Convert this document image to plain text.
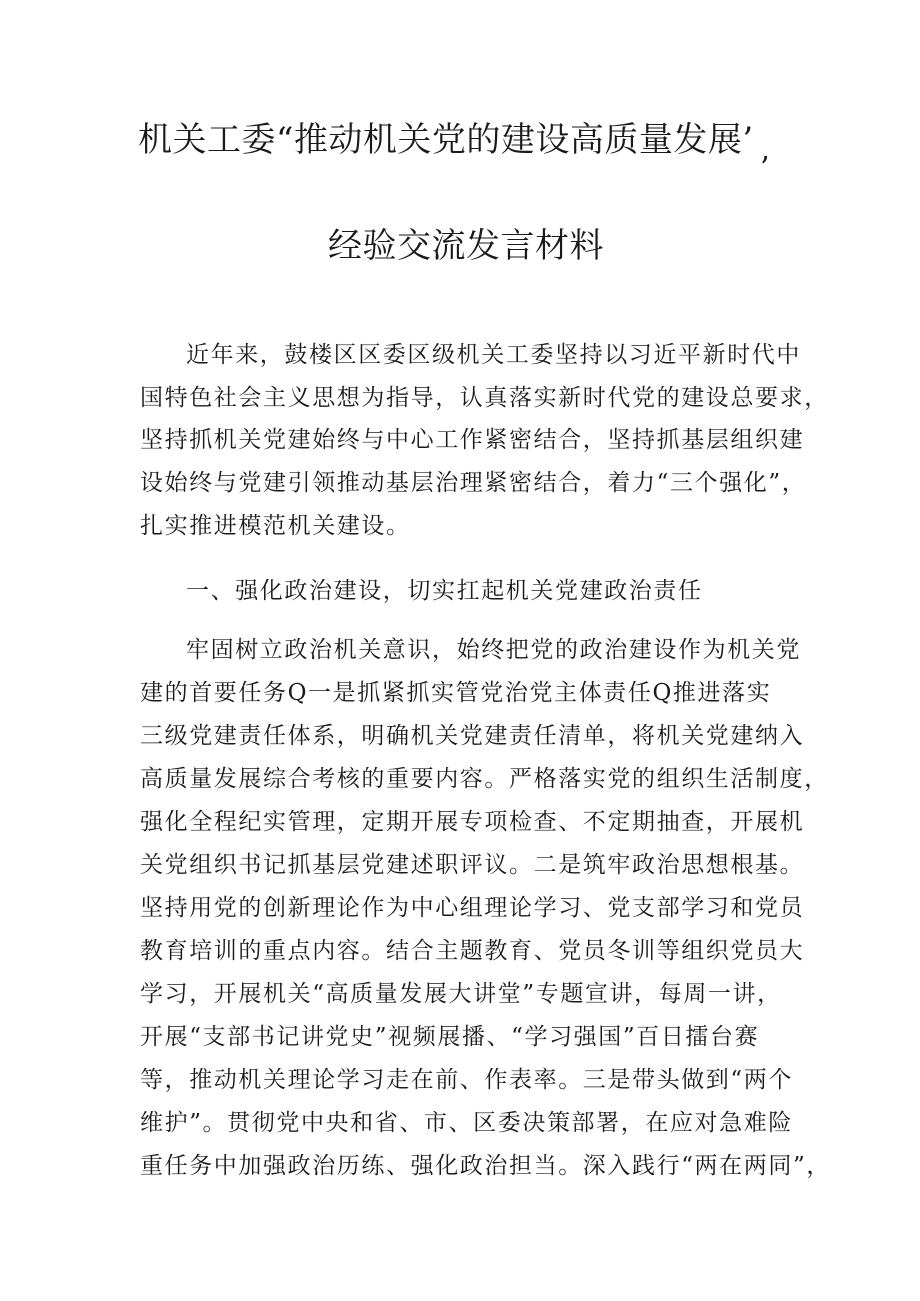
机关工委“推动机关党的建设高质量发展’
’
经验交流发言材料

近年来，鼓楼区区委区级机关工委坚持以习近平新时代中

国特色社会主义思想为指导，认真落实新时代党的建设总要求，

坚持抓机关党建始终与中心工作紧密结合，坚持抓基层组织建

设始终与党建引领推动基层治理紧密结合，着力“三个强化”，

扎实推进模范机关建设。

一、强化政治建设，切实扛起机关党建政治责任

牢固树立政治机关意识，始终把党的政治建设作为机关党

建的首要任务Q一是抓紧抓实管党治党主体责任Q推进落实

三级党建责任体系，明确机关党建责任清单，将机关党建纳入

高质量发展综合考核的重要内容。严格落实党的组织生活制度，

强化全程纪实管理，定期开展专项检查、不定期抽查，开展机

关党组织书记抓基层党建述职评议。二是筑牢政治思想根基。

坚持用党的创新理论作为中心组理论学习、党支部学习和党员

教育培训的重点内容。结合主题教育、党员冬训等组织党员大

学习，开展机关“高质量发展大讲堂”专题宣讲，每周一讲，

开展“支部书记讲党史”视频展播、“学习强国”百日擂台赛

等，推动机关理论学习走在前、作表率。三是带头做到“两个

维护”。贯彻党中央和省、市、区委决策部署，在应对急难险

重任务中加强政治历练、强化政治担当。深入践行“两在两同”，
